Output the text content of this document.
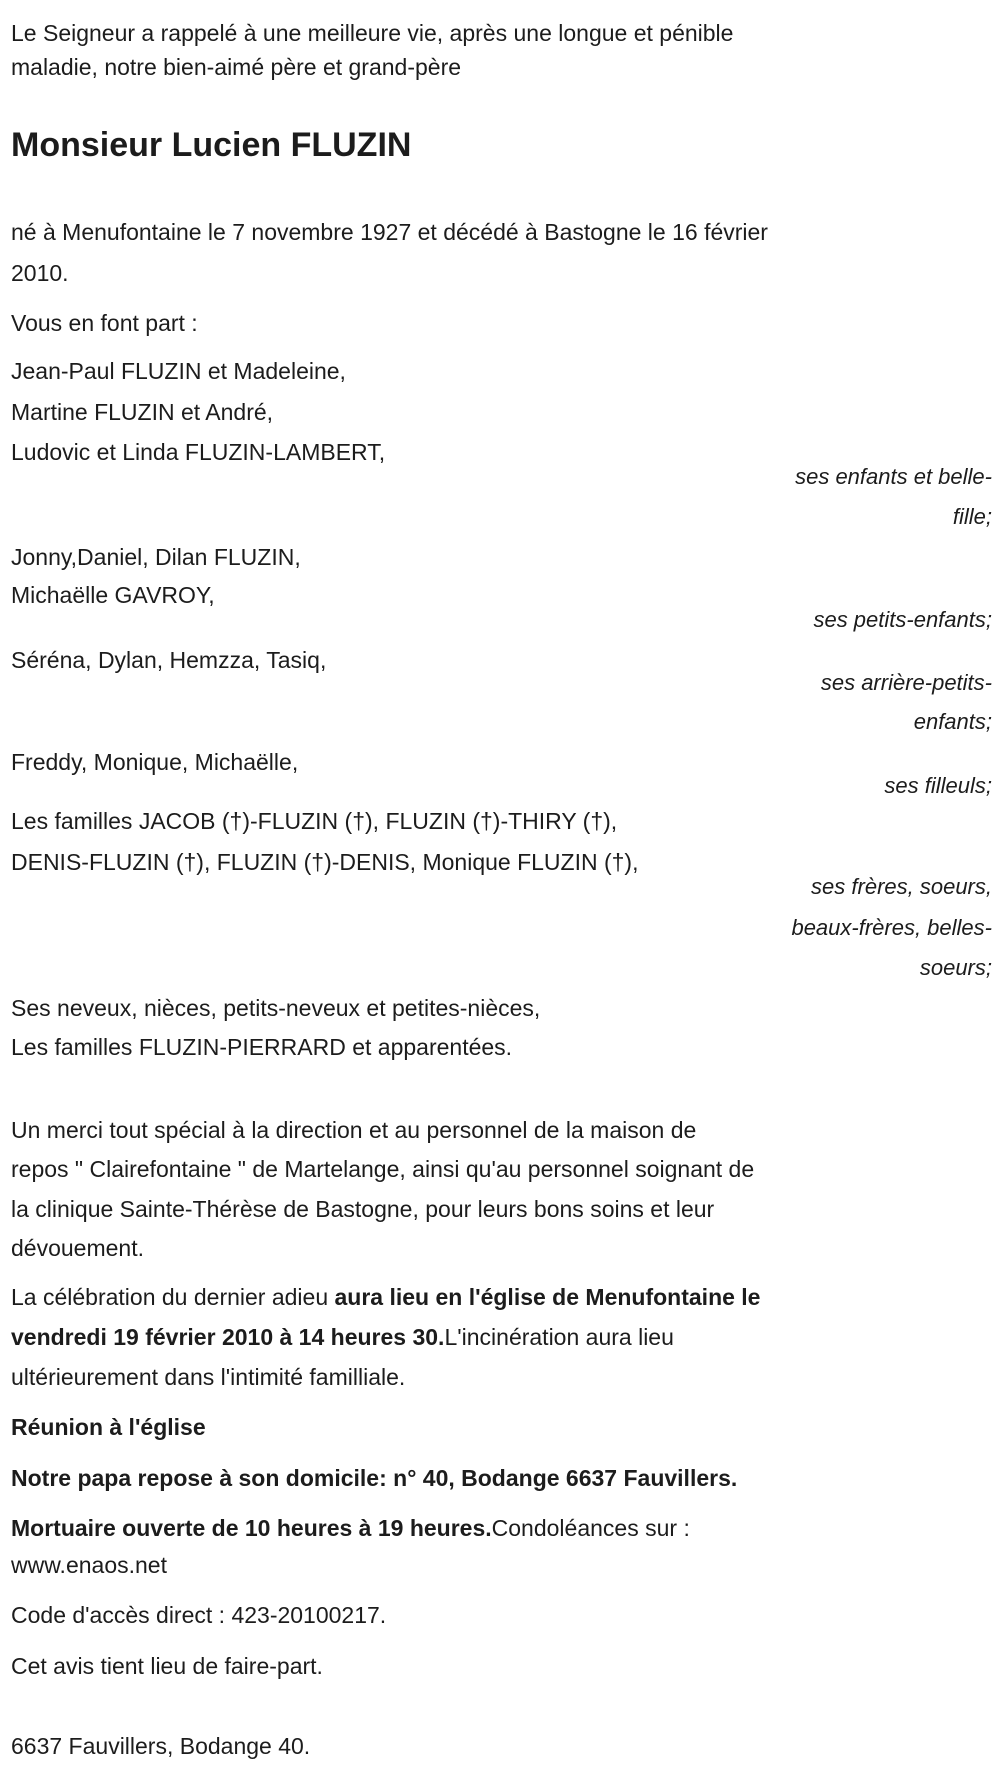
Le Seigneur a rappelé à une meilleure vie, après une longue et pénible
maladie, notre bien-aimé père et grand-père
Monsieur Lucien FLUZIN
né à Menufontaine le 7 novembre 1927 et décédé à Bastogne le 16 février
2010.
Vous en font part :
Jean-Paul FLUZIN et Madeleine,
Martine FLUZIN et André,
Ludovic et Linda FLUZIN-LAMBERT,
ses enfants et belle-
fille;
Jonny,Daniel, Dilan FLUZIN,
Michaëlle GAVROY,
ses petits-enfants;
Séréna, Dylan, Hemzza, Tasiq,
ses arrière-petits-
enfants;
Freddy, Monique, Michaëlle,
ses filleuls;
Les familles JACOB (†)-FLUZIN (†), FLUZIN (†)-THIRY (†),
DENIS-FLUZIN (†), FLUZIN (†)-DENIS, Monique FLUZIN (†),
ses frères, soeurs,
beaux-frères, belles-
soeurs;
Ses neveux, nièces, petits-neveux et petites-nièces,
Les familles FLUZIN-PIERRARD et apparentées.
Un merci tout spécial à la direction et au personnel de la maison de
repos " Clairefontaine " de Martelange, ainsi qu'au personnel soignant de
la clinique Sainte-Thérèse de Bastogne, pour leurs bons soins et leur
dévouement.
La célébration du dernier adieu aura lieu en l'église de Menufontaine le
vendredi 19 février 2010 à 14 heures 30.L'incinération aura lieu
ultérieurement dans l'intimité familliale.
Réunion à l'église
Notre papa repose à son domicile: n° 40, Bodange 6637 Fauvillers.
Mortuaire ouverte de 10 heures à 19 heures.Condoléances sur :
www.enaos.net
Code d'accès direct : 423-20100217.
Cet avis tient lieu de faire-part.
6637 Fauvillers, Bodange 40.
